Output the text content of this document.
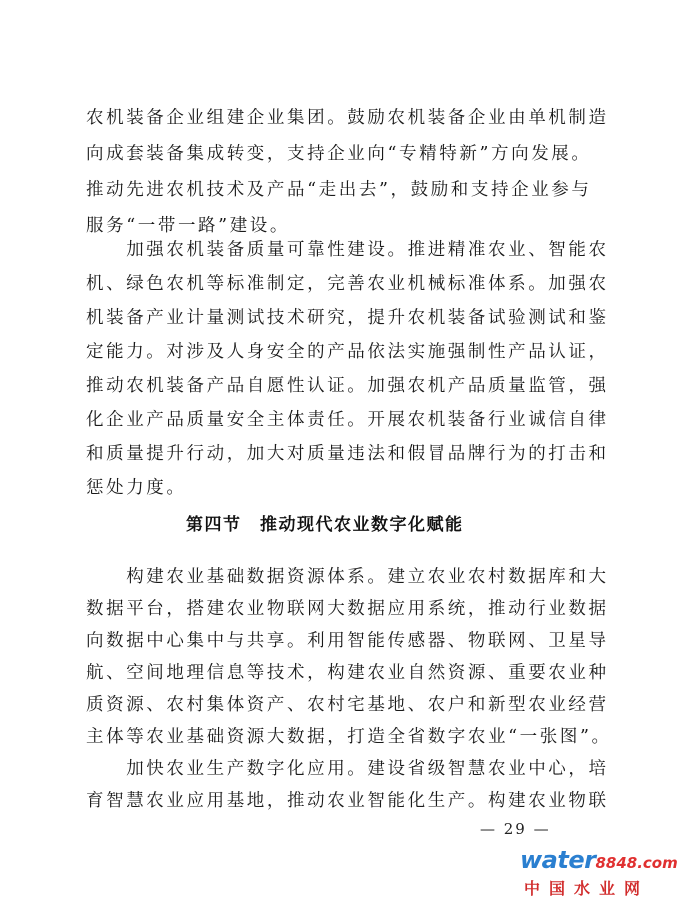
农机装备企业组建企业集团。鼓励农机装备企业由单机制造
向成套装备集成转变，支持企业向“专精特新”方向发展。
推动先进农机技术及产品“走出去”，鼓励和支持企业参与
服务“一带一路”建设。
　　加强农机装备质量可靠性建设。推进精准农业、智能农
机、绿色农机等标准制定，完善农业机械标准体系。加强农
机装备产业计量测试技术研究，提升农机装备试验测试和鉴
定能力。对涉及人身安全的产品依法实施强制性产品认证，
推动农机装备产品自愿性认证。加强农机产品质量监管，强
化企业产品质量安全主体责任。开展农机装备行业诚信自律
和质量提升行动，加大对质量违法和假冒品牌行为的打击和
惩处力度。
第四节　推动现代农业数字化赋能
　　构建农业基础数据资源体系。建立农业农村数据库和大
数据平台，搭建农业物联网大数据应用系统，推动行业数据
向数据中心集中与共享。利用智能传感器、物联网、卫星导
航、空间地理信息等技术，构建农业自然资源、重要农业种
质资源、农村集体资产、农村宅基地、农户和新型农业经营
主体等农业基础资源大数据，打造全省数字农业“一张图”。
　　加快农业生产数字化应用。建设省级智慧农业中心，培
育智慧农业应用基地，推动农业智能化生产。构建农业物联
— 29 —
water8848.com
中国水业网
